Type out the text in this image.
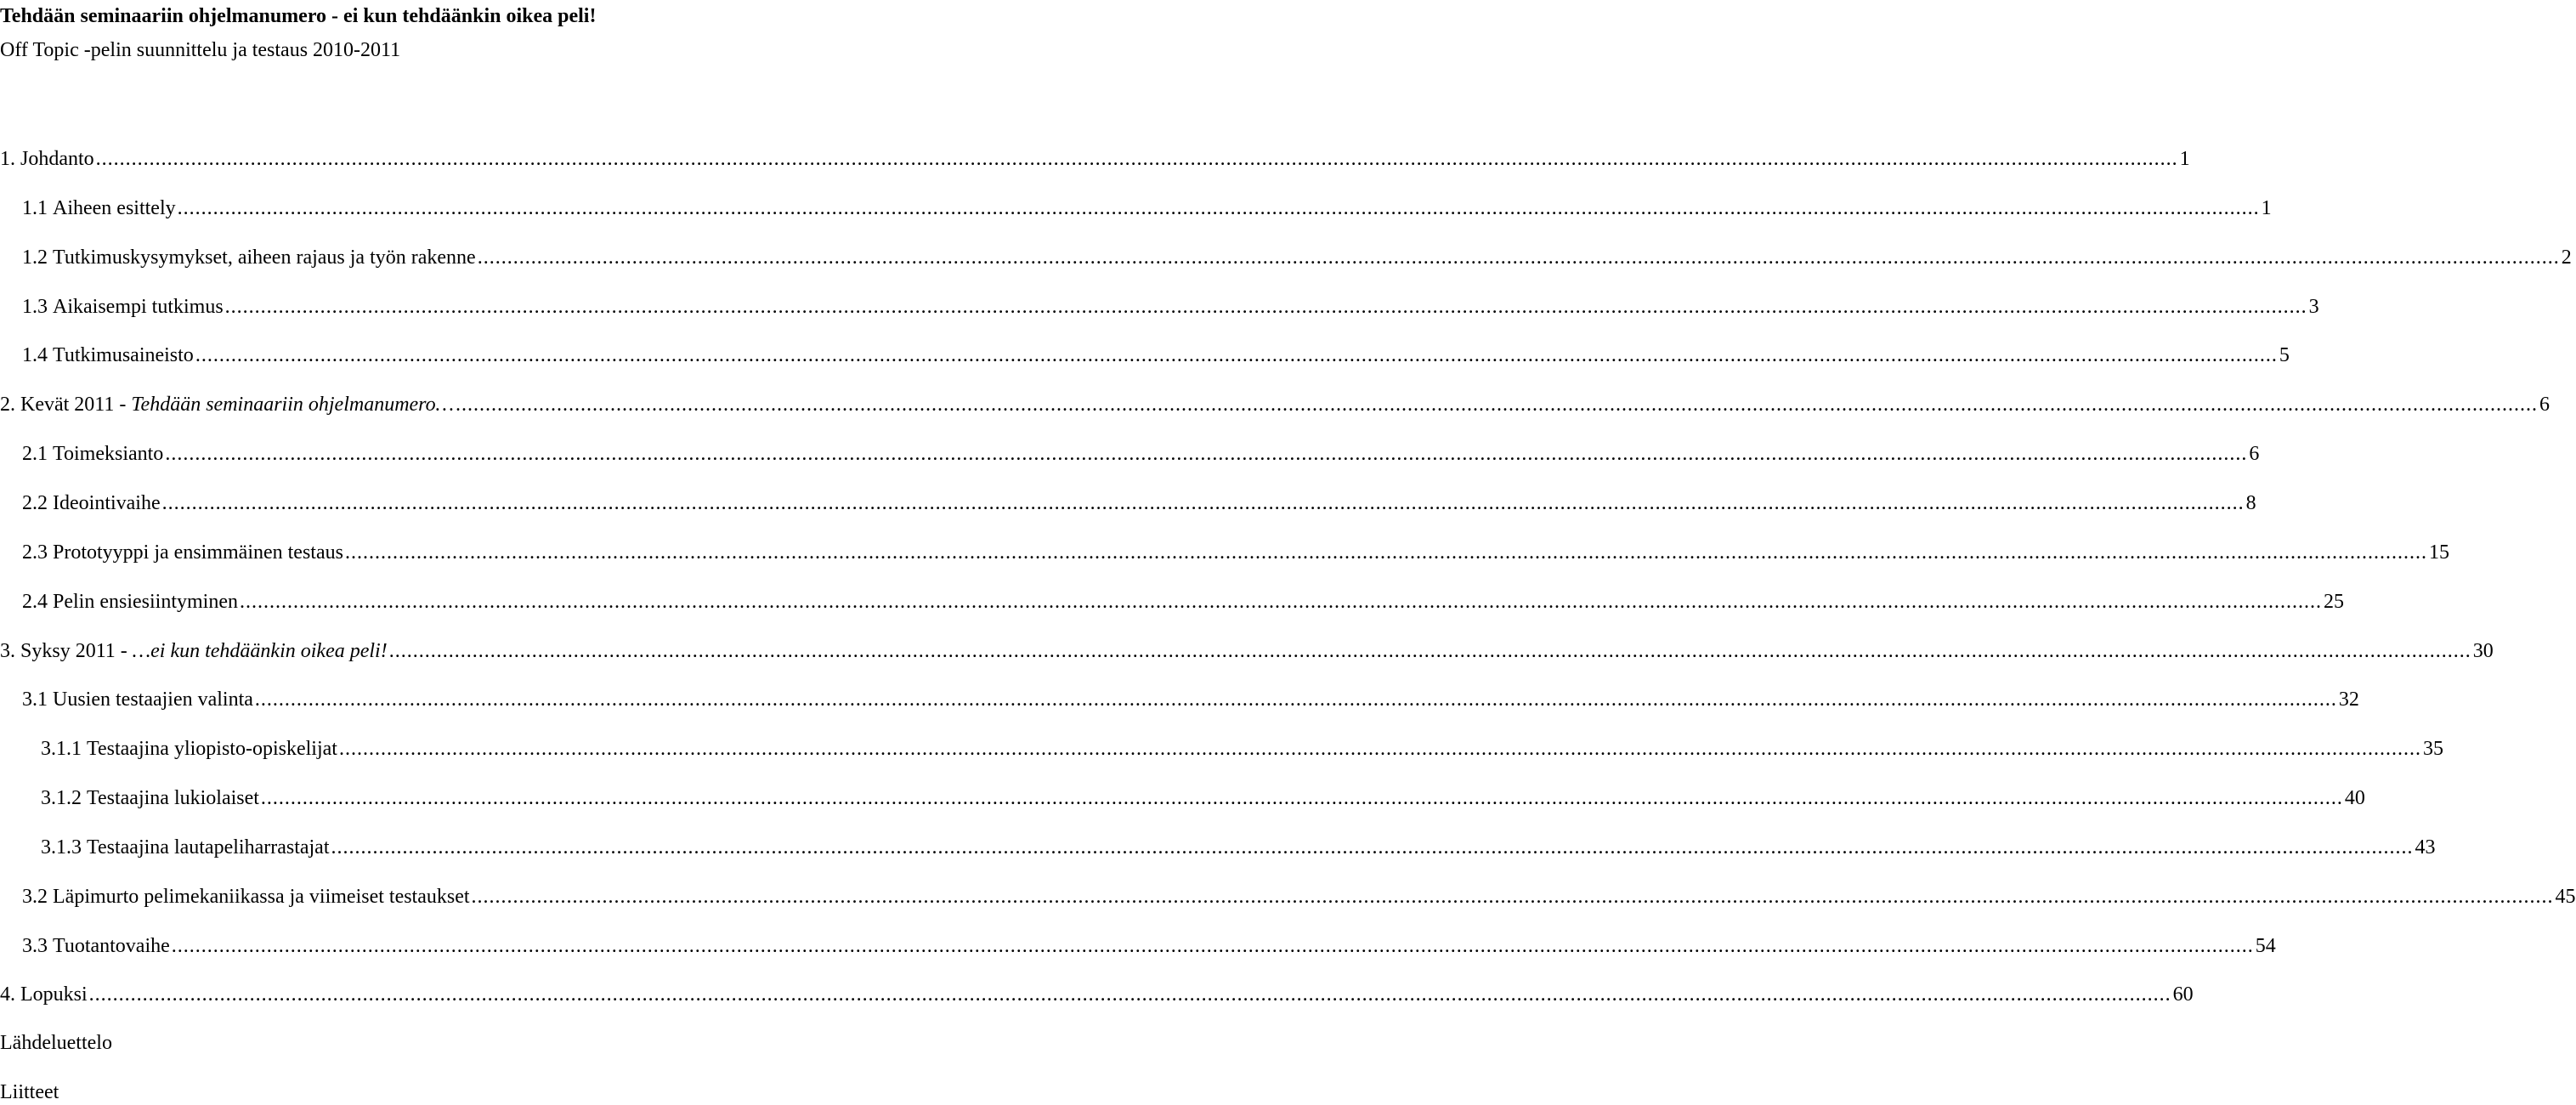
Tehdään seminaariin ohjelmanumero - ei kun tehdäänkin oikea peli!
Off Topic -pelin suunnittelu ja testaus 2010-2011
1. Johdanto .....	1
1.1 Aiheen esittely .....	1
1.2 Tutkimuskysymykset, aiheen rajaus ja työn rakenne .....	2
1.3 Aikaisempi tutkimus .....	3
1.4 Tutkimusaineisto .....	5
2. Kevät 2011 - Tehdään seminaariin ohjelmanumero… .....	6
2.1 Toimeksianto .....	6
2.2 Ideointivaihe .....	8
2.3 Prototyyppi ja ensimmäinen testaus .....	15
2.4 Pelin ensiesiintyminen .....	25
3. Syksy 2011 - …ei kun tehdäänkin oikea peli! .....	30
3.1 Uusien testaajien valinta .....	32
3.1.1 Testaajina yliopisto-opiskelijat .....	35
3.1.2 Testaajina lukiolaiset .....	40
3.1.3 Testaajina lautapeliharrastajat .....	43
3.2 Läpimurto pelimekaniikassa ja viimeiset testaukset .....	45
3.3 Tuotantovaihe .....	54
4. Lopuksi .....	60
Lähdeluettelo
Liitteet
